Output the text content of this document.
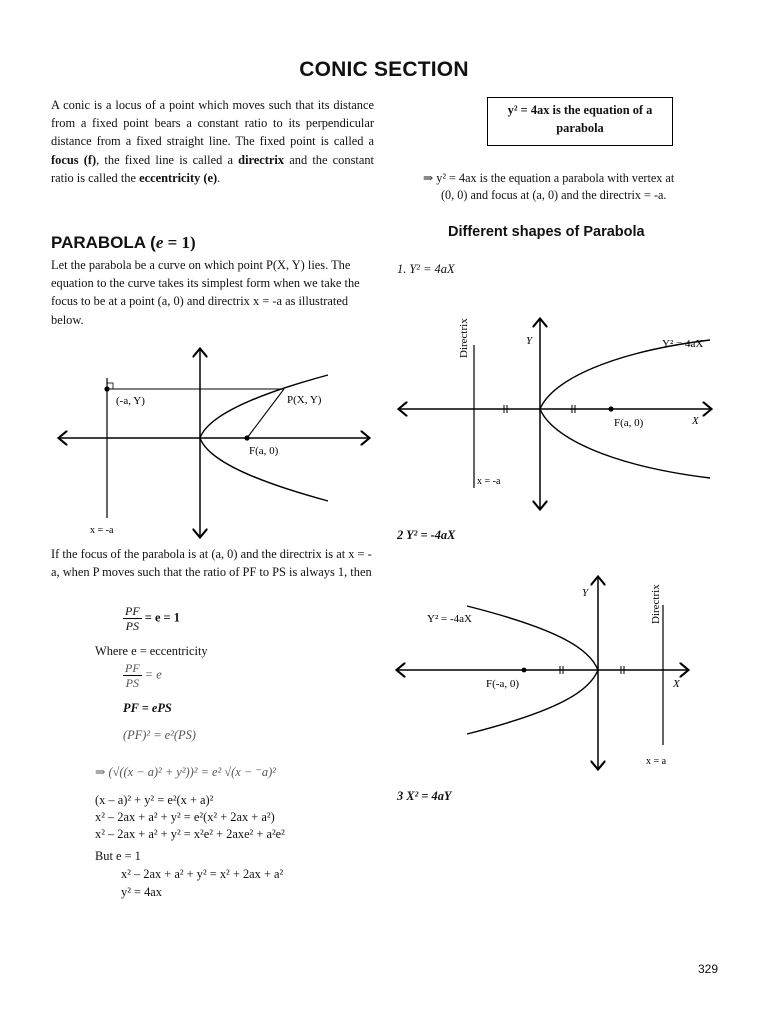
CONIC SECTION
A conic is a locus of a point which moves such that its distance from a fixed point bears a constant ratio to its perpendicular distance from a fixed straight line. The fixed point is called a focus (f), the fixed line is called a directrix and the constant ratio is called the eccentricity (e).
PARABOLA (e = 1)
Let the parabola be a curve on which point P(X, Y) lies. The equation to the curve takes its simplest form when we take the focus to be at a point (a, 0) and directrix x = -a as illustrated below.
(-a, Y)	P(X, Y)
F(a, 0)
x = -a
If the focus of the parabola is at (a, 0) and the directrix is at x = -a, when P moves such that the ratio of PF to PS is always 1, then
$\frac{PF}{PS} = e = 1$
Where e = eccentricity
$\frac{PF}{PS} = e$
PF = ePS
(PF)² = e²(PS)
⇒ (√((x − a)² + y²))² = e² √(x − ⁻a)²
(x – a)² + y² = e²(x + a)²
x² – 2ax + a² + y² = e²(x² + 2ax + a²)
x² – 2ax + a² + y² = x²e² + 2axe² + a²e²
But e = 1
x² – 2ax + a² + y² = x² + 2ax + a²
y² = 4ax
y² = 4ax is the equation of a
parabola
⇒ y² = 4ax is the equation a parabola with vertex at
(0, 0) and focus at (a, 0) and the directrix = -a.
Different shapes of Parabola
1. Y² = 4aX
Directrix	Y	Y² = 4aX
F(a, 0)	X
x = -a
2 Y² = -4aX
Directrix
Y
Y² = -4aX
F(-a, 0)	X
x = a
3 X² = 4aY
329
